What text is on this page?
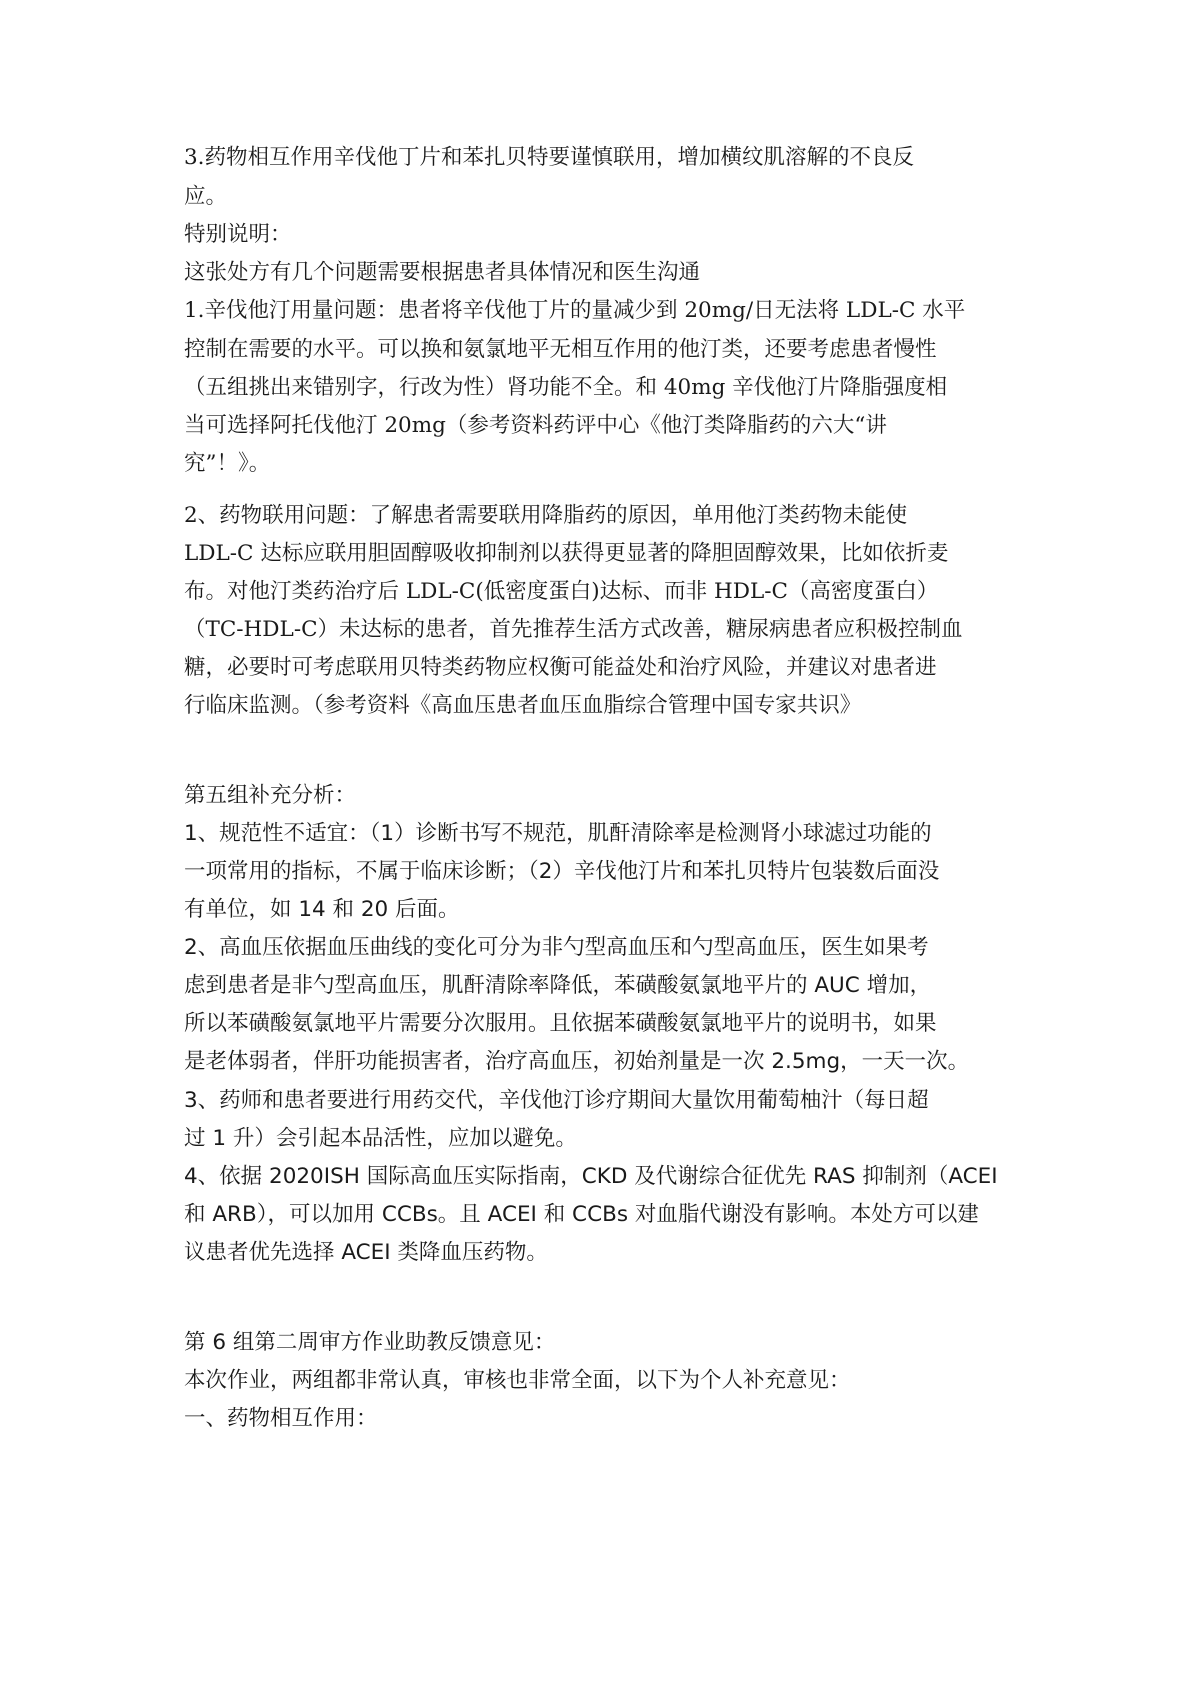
3.药物相互作用辛伐他丁片和苯扎贝特要谨慎联用，增加横纹肌溶解的不良反
应。
特别说明：
这张处方有几个问题需要根据患者具体情况和医生沟通
1.辛伐他汀用量问题：患者将辛伐他丁片的量减少到 20mg/日无法将 LDL-C 水平
控制在需要的水平。可以换和氨氯地平无相互作用的他汀类，还要考虑患者慢性
（五组挑出来错别字，行改为性）肾功能不全。和 40mg 辛伐他汀片降脂强度相
当可选择阿托伐他汀 20mg（参考资料药评中心《他汀类降脂药的六大“讲
究”！》。
2、药物联用问题：了解患者需要联用降脂药的原因，单用他汀类药物未能使
LDL-C 达标应联用胆固醇吸收抑制剂以获得更显著的降胆固醇效果，比如依折麦
布。对他汀类药治疗后 LDL-C(低密度蛋白)达标、而非 HDL-C（高密度蛋白）
（TC-HDL-C）未达标的患者，首先推荐生活方式改善，糖尿病患者应积极控制血
糖，必要时可考虑联用贝特类药物应权衡可能益处和治疗风险，并建议对患者进
行临床监测。（参考资料《高血压患者血压血脂综合管理中国专家共识》
第五组补充分析：
1、规范性不适宜：（1）诊断书写不规范，肌酐清除率是检测肾小球滤过功能的
一项常用的指标，不属于临床诊断；（2）辛伐他汀片和苯扎贝特片包装数后面没
有单位，如 14 和 20 后面。
2、高血压依据血压曲线的变化可分为非勺型高血压和勺型高血压，医生如果考
虑到患者是非勺型高血压，肌酐清除率降低，苯磺酸氨氯地平片的 AUC 增加，
所以苯磺酸氨氯地平片需要分次服用。且依据苯磺酸氨氯地平片的说明书，如果
是老体弱者，伴肝功能损害者，治疗高血压，初始剂量是一次 2.5mg，一天一次。
3、药师和患者要进行用药交代，辛伐他汀诊疗期间大量饮用葡萄柚汁（每日超
过 1 升）会引起本品活性，应加以避免。
4、依据 2020ISH 国际高血压实际指南，CKD 及代谢综合征优先 RAS 抑制剂（ACEI
和 ARB），可以加用 CCBs。且 ACEI 和 CCBs 对血脂代谢没有影响。本处方可以建
议患者优先选择 ACEI 类降血压药物。
第 6 组第二周审方作业助教反馈意见：
本次作业，两组都非常认真，审核也非常全面，以下为个人补充意见：
一、药物相互作用：
